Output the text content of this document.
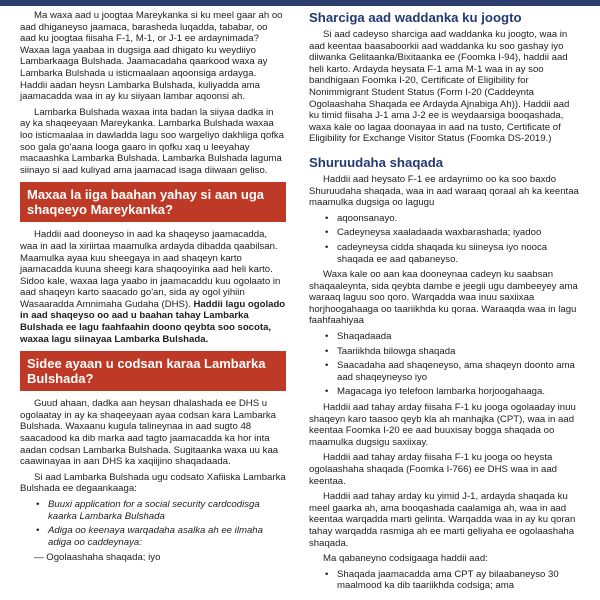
Ma waxa aad u joogtaa Mareykanka si ku meel gaar ah oo aad dhiganeyso jaamaca, barasheda luqadda, tababar, oo aad ku joogtaa fiisaha F-1, M-1, or J-1 ee ardaynimada? Waxaa laga yaabaa in dugsiga aad dhigato ku weydiiyo Lambarkaaga Bulshada. Jaamacadaha qaarkood waxa ay Lambarka Bulshada u isticmaalaan aqoonsiga ardayga. Haddii aadan heysn Lambarka Bulshada, kuliyadda ama jaamacadda waa in ay ku siiyaan lambar aqoonsi ah.

Lambarka Bulshada waxaa inta badan la siiyaa dadka in ay ka shaqeeyaan Mareykanka. Lambarka Bulshada waxaa loo isticmaalaa in dawladda lagu soo wargeliyo dakhliga qofka soo gala go'aana looga gaaro in qofku xaq u leeyahay macaashka Lambarka Bulshada. Lambarka Bulshada laguma siinayo si aad kuliyad ama jaamacad isaga diiwaan geliso.

Maxaa la iiga baahan yahay si aan uga shaqeeyo Mareykanka?

Haddii aad dooneyso in aad ka shaqeyso jaamacadda, waa in aad la xiriirtaa maamulka ardayda dibadda qaabilsan. Maamulka ayaa kuu sheegaya in aad shaqeyn karto jaamacadda kuuna sheegi kara shaqooyinka aad heli karto. Sidoo kale, waxaa laga yaabo in jaamacaddu kuu ogolaato in aad shaqeyn karto saacado go'an, sida ay ogol yihiin Wasaaradda Amnimaha Gudaha (DHS). Haddii lagu ogolado in aad shaqeyso oo aad u baahan tahay Lambarka Bulshada ee lagu faahfaahin doono qeybta soo socota, waxaa lagu siinayaa Lambarka Bulshada.

Sidee ayaan u codsan karaa Lambarka Bulshada?

Guud ahaan, dadka aan heysan dhalashada ee DHS u ogolaatay in ay ka shaqeeyaan ayaa codsan kara Lambarka Bulshada. Waxaanu kugula talineynaa in aad sugto 48 saacadood ka dib marka aad tagto jaamacadda ka hor inta aadan codsan Lambarka Bulshada. Sugitaanka waxa uu kaa caawinayaa in aan DHS ka xaqiijino shaqadaada.

Si aad Lambarka Bulshada ugu codsato Xafiiska Lambarka Bulshada ee degaankaaga:

• Buuxi application for a social security cardcodisga kaarka Lambarka Bulshada
• Adiga oo keenaya warqadaha asalka ah ee ilmaha adiga oo caddeynaya:
— Ogolaashaha shaqada; iyo
Sharciga aad waddanka ku joogto

Si aad cadeyso sharciga aad waddanka ku joogto, waa in aad keentaa baasaboorkii aad waddanka ku soo gashay iyo diiwanka Gelitaanka/Bixitaanka ee (Foomka I-94), haddii aad heli karto. Ardayda heysata F-1 ama M-1 waa in ay soo bandhigaan Foomka I-20, Certificate of Eligibility for Nonimmigrant Student Status (Form I-20 (Caddeynta Ogolaashaha Shaqada ee Ardayda Ajnabiga Ah)). Haddii aad ku timid fiisaha J-1 ama J-2 ee is weydaarsiga booqashada, waxa kale oo lagaa doonayaa in aad na tusto, Certificate of Eligibility for Exchange Visitor Status (Foomka DS-2019.)

Shuruudaha shaqada

Haddii aad heysato F-1 ee ardaynimo oo ka soo baxdo Shuruudaha shaqada, waa in aad waraaq qoraal ah ka keentaa maamulka dugsiga oo lagugu

• aqoonsanayo.
• Cadeyneysa xaaladaada waxbarashada; iyadoo
• cadeyneysa cidda shaqada ku siineysa iyo nooca shaqada ee aad qabaneyso.

Waxa kale oo aan kaa dooneynaa cadeyn ku saabsan shaqaaleynta, sida qeybta dambe e jeegii ugu dambeeyey ama waraaq laguu soo qoro. Warqadda waa inuu saxiixaa horjhoogahaaga oo taariikhda ku qoraa. Waraaqda waa in lagu faahfaahiyaa

• Shaqadaada
• Taariikhda bilowga shaqada
• Saacadaha aad shaqeneyso, ama shaqeyn doonto ama aad shaqeyneyso iyo
• Magacaga iyo telefoon lambarka horjoogahaaga.

Haddii aad tahay arday fiisaha F-1 ku jooga ogolaaday inuu shaqeyn karo taasoo qeyb kla ah manhajka (CPT), waa in aad keentaa Foomka I-20 ee aad buuxisay bogga shaqada oo maamulka dugsigu saxiixay.

Haddii aad tahay arday fiisaha F-1 ku jooga oo heysta ogolaashaha shaqada (Foomka I-766) ee DHS waa in aad keentaa.

Haddii aad tahay arday ku yimid J-1, ardayda shaqada ku meel gaarka ah, ama booqashada caalamiga ah, waa in aad keentaa warqadda marti gelinta. Warqadda waa in ay ku qoran tahay warqadda rasmiga ah ee marti geliyaha ee ogolaashaha shaqada.

Ma qabaneyno codsigaaga haddii aad:

• Shaqada jaamacadda ama CPT ay bilaabaneyso 30 maalmood ka dib taariikhda codsiga; ama
